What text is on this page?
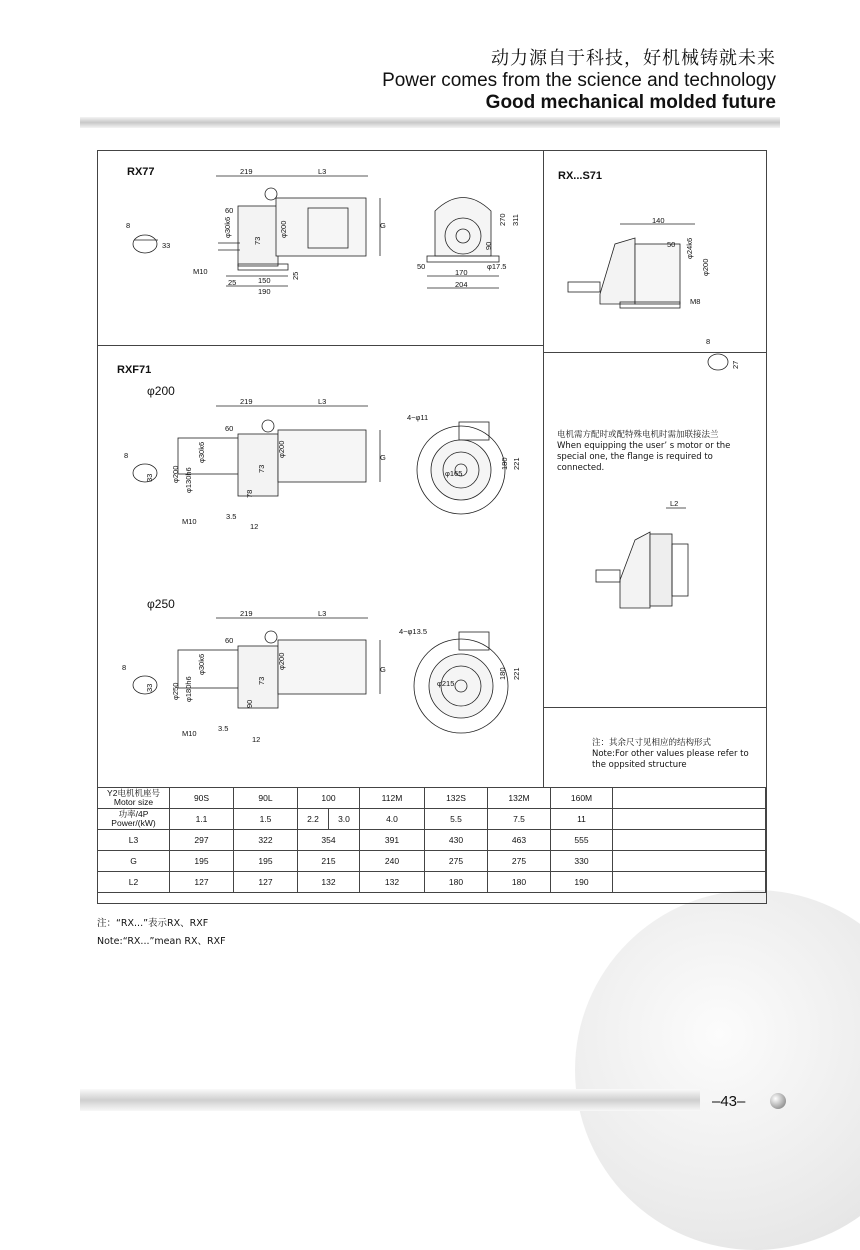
动力源自于科技，好机械铸就未来
Power comes from the science and technology
Good mechanical molded future
RX77	RX...S71
RXF71
φ200
φ250
219	L3
60
8
33
φ30k6	φ200
73
G
M10
25	150
190
25
270 311
90
50
170
204
φ17.5
140
50 φ24k6
φ200
M8
8
27
219	L3
60
8
33 φ200 φ130h6
φ30k6
73
φ200	G
78
M10
3.5
12
4−φ11
φ165
180 221
219	L3
60
8
33 φ250 φ180h6
φ30k6
73
φ200	G
90
M10
3.5
12
4−φ13.5
φ215
180 221
电机需方配时或配特殊电机时需加联接法兰
When equipping the user’ s motor or the special one, the flange is required to connected.
L2
注：其余尺寸见相应的结构形式
Note:For other values please refer to the oppsited structure
Y2电机机座号
Motor size	90S	90L	100		112M	132S	132M	160M	
功率/4P
Power/(kW)	1.1	1.5	2.2	3.0	4.0	5.5	7.5	11	
L3	297	322	354		391	430	463	555	
G	195	195	215		240	275	275	330	
L2	127	127	132		132	180	180	190	
注：“RX...”表示RX、RXF
Note:“RX...”mean RX、RXF
–43–
